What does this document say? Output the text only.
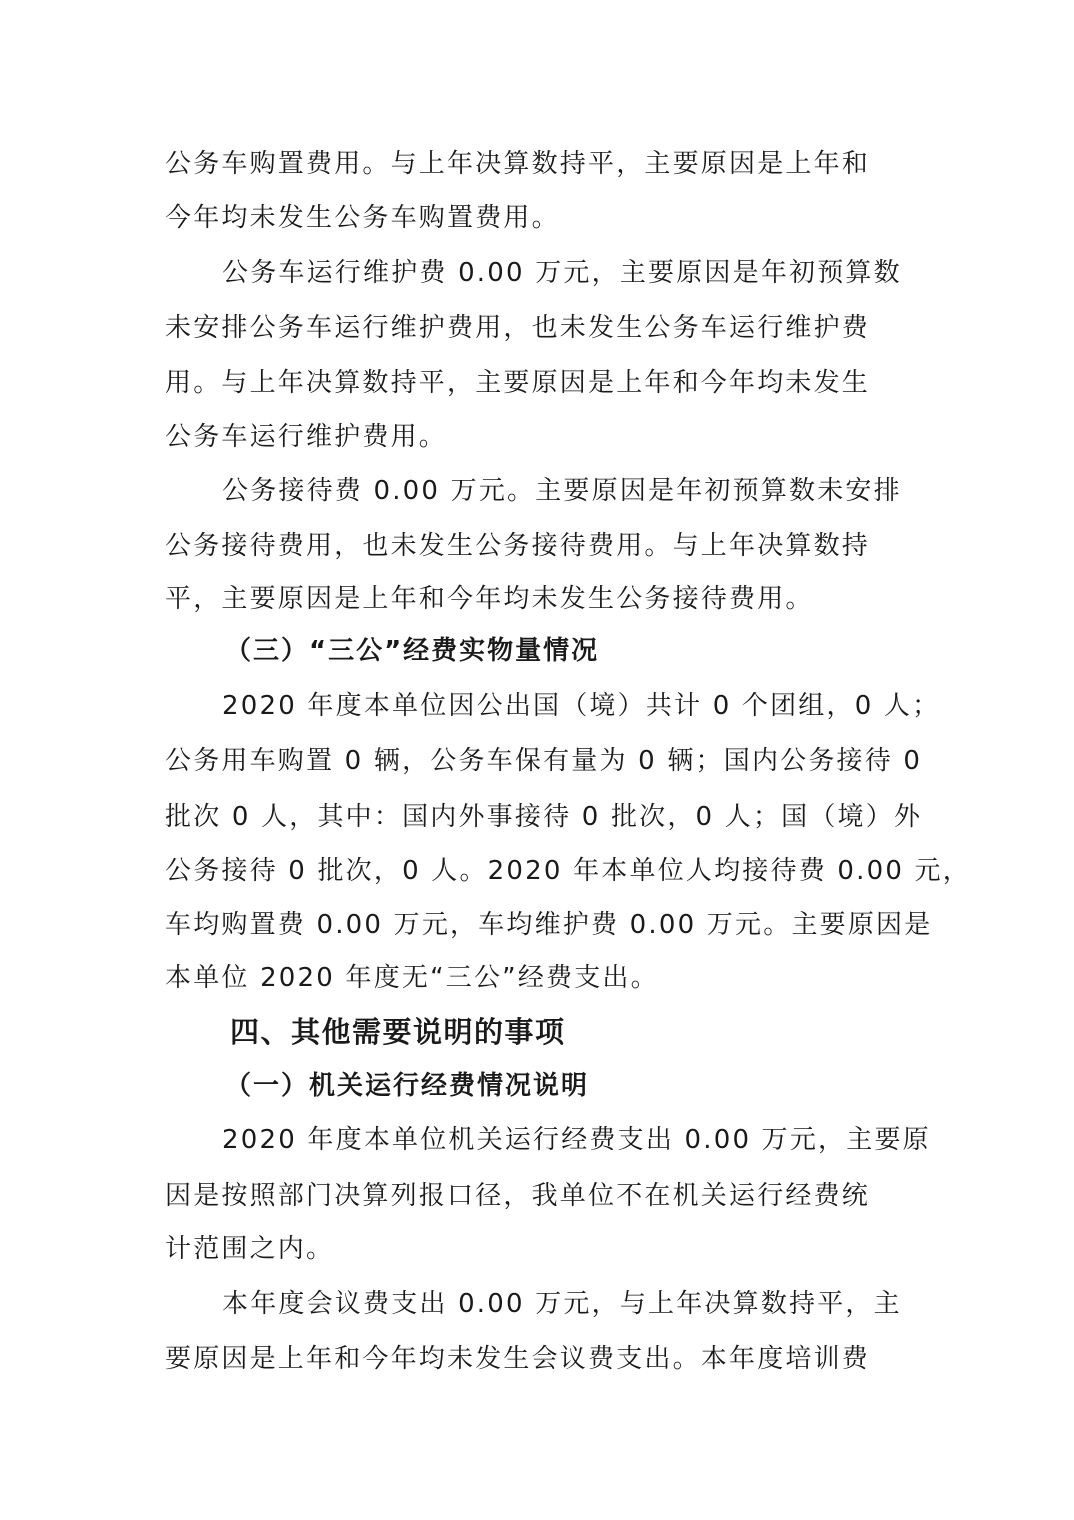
公务车购置费用。与上年决算数持平，主要原因是上年和
今年均未发生公务车购置费用。
公务车运行维护费 0.00 万元，主要原因是年初预算数
未安排公务车运行维护费用，也未发生公务车运行维护费
用。与上年决算数持平，主要原因是上年和今年均未发生
公务车运行维护费用。
公务接待费 0.00 万元。主要原因是年初预算数未安排
公务接待费用，也未发生公务接待费用。与上年决算数持
平，主要原因是上年和今年均未发生公务接待费用。
（三）“三公”经费实物量情况
2020 年度本单位因公出国（境）共计 0 个团组，0 人；
公务用车购置 0 辆，公务车保有量为 0 辆；国内公务接待 0
批次 0 人，其中：国内外事接待 0 批次，0 人；国（境）外
公务接待 0 批次，0 人。2020 年本单位人均接待费 0.00 元，
车均购置费 0.00 万元，车均维护费 0.00 万元。主要原因是
本单位 2020 年度无“三公”经费支出。
四、其他需要说明的事项
（一）机关运行经费情况说明
2020 年度本单位机关运行经费支出 0.00 万元，主要原
因是按照部门决算列报口径，我单位不在机关运行经费统
计范围之内。
本年度会议费支出 0.00 万元，与上年决算数持平，主
要原因是上年和今年均未发生会议费支出。本年度培训费
